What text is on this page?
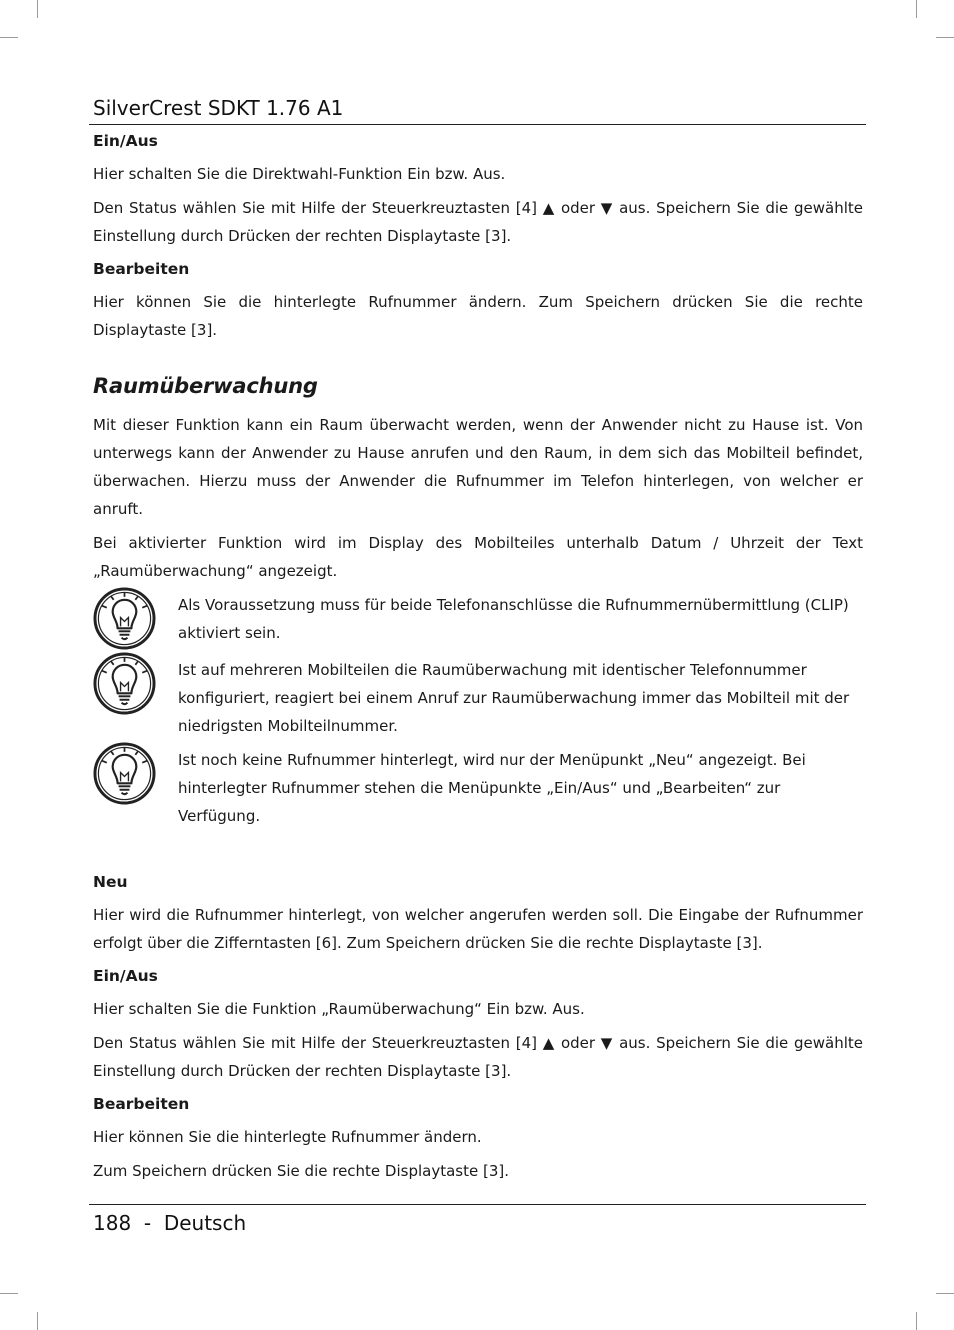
SilverCrest SDKT 1.76 A1
Ein/Aus

Hier schalten Sie die Direktwahl-Funktion Ein bzw. Aus.

Den Status wählen Sie mit Hilfe der Steuerkreuztasten [4] ▲ oder ▼ aus. Speichern Sie die gewählte Einstellung durch Drücken der rechten Displaytaste [3].

Bearbeiten

Hier können Sie die hinterlegte Rufnummer ändern. Zum Speichern drücken Sie die rechte Displaytaste [3].

Raumüberwachung

Mit dieser Funktion kann ein Raum überwacht werden, wenn der Anwender nicht zu Hause ist. Von unterwegs kann der Anwender zu Hause anrufen und den Raum, in dem sich das Mobilteil befindet, überwachen. Hierzu muss der Anwender die Rufnummer im Telefon hinterlegen, von welcher er anruft.

Bei aktivierter Funktion wird im Display des Mobilteiles unterhalb Datum / Uhrzeit der Text „Raumüberwachung“ angezeigt.

Als Voraussetzung muss für beide Telefonanschlüsse die Rufnummernübermittlung (CLIP) aktiviert sein.
Ist auf mehreren Mobilteilen die Raumüberwachung mit identischer Telefonnummer konfiguriert, reagiert bei einem Anruf zur Raumüberwachung immer das Mobilteil mit der niedrigsten Mobilteilnummer.
Ist noch keine Rufnummer hinterlegt, wird nur der Menüpunkt „Neu“ angezeigt. Bei hinterlegter Rufnummer stehen die Menüpunkte „Ein/Aus“ und „Bearbeiten“ zur Verfügung.
Neu

Hier wird die Rufnummer hinterlegt, von welcher angerufen werden soll. Die Eingabe der Rufnummer erfolgt über die Zifferntasten [6]. Zum Speichern drücken Sie die rechte Displaytaste [3].

Ein/Aus

Hier schalten Sie die Funktion „Raumüberwachung“ Ein bzw. Aus.

Den Status wählen Sie mit Hilfe der Steuerkreuztasten [4] ▲ oder ▼ aus. Speichern Sie die gewählte Einstellung durch Drücken der rechten Displaytaste [3].

Bearbeiten

Hier können Sie die hinterlegte Rufnummer ändern.

Zum Speichern drücken Sie die rechte Displaytaste [3].

188  -  Deutsch
